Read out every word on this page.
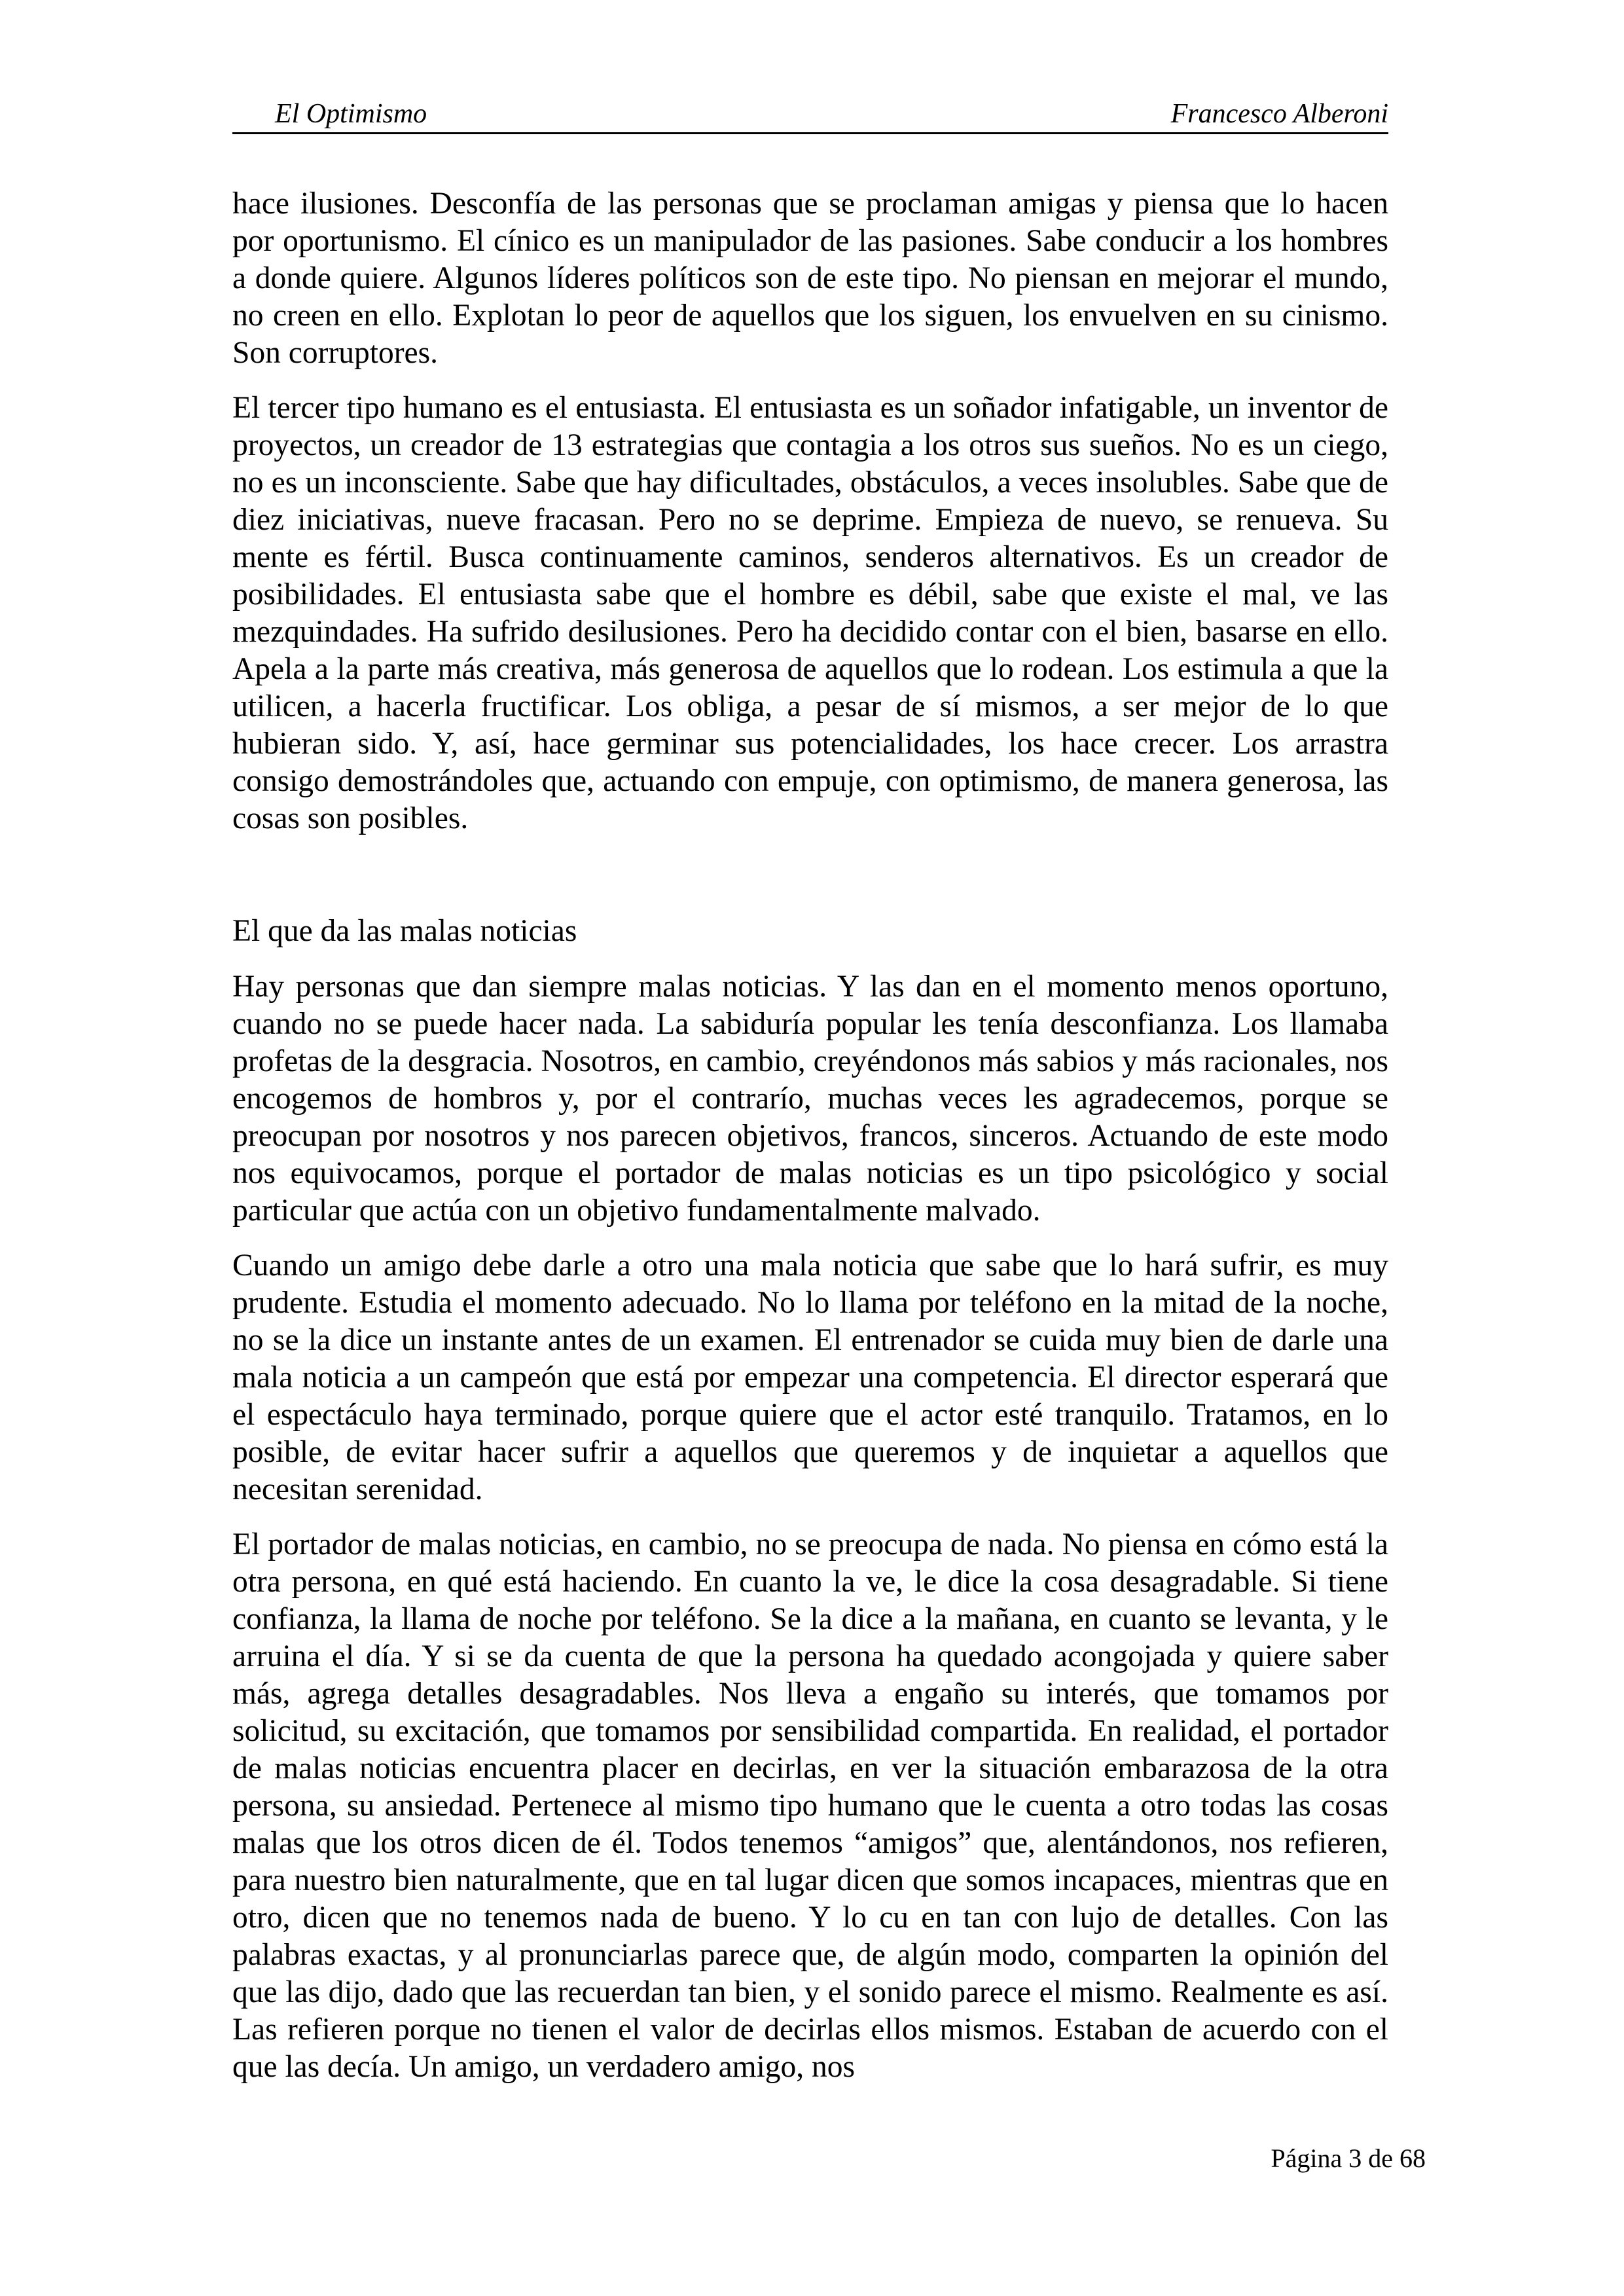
El Optimismo	Francesco Alberoni

hace ilusiones. Desconfía de las personas que se proclaman amigas y piensa que lo hacen por oportunismo. El cínico es un manipulador de las pasiones. Sabe conducir a los hombres a donde quiere. Algunos líderes políticos son de este tipo. No piensan en mejorar el mundo, no creen en ello. Explotan lo peor de aquellos que los siguen, los envuelven en su cinismo. Son corruptores.

El tercer tipo humano es el entusiasta. El entusiasta es un soñador infatigable, un inventor de proyectos, un creador de 13 estrategias que contagia a los otros sus sueños. No es un ciego, no es un inconsciente. Sabe que hay dificultades, obstáculos, a veces insolubles. Sabe que de diez iniciativas, nueve fracasan. Pero no se deprime. Empieza de nuevo, se renueva. Su mente es fértil. Busca continuamente caminos, senderos alternativos. Es un creador de posibilidades. El entusiasta sabe que el hombre es débil, sabe que existe el mal, ve las mezquindades. Ha sufrido desilusiones. Pero ha decidido contar con el bien, basarse en ello. Apela a la parte más creativa, más generosa de aquellos que lo rodean. Los estimula a que la utilicen, a hacerla fructificar. Los obliga, a pesar de sí mismos, a ser mejor de lo que hubieran sido. Y, así, hace germinar sus potencialidades, los hace crecer. Los arrastra consigo demostrándoles que, actuando con empuje, con optimismo, de manera generosa, las cosas son posibles.

El que da las malas noticias

Hay personas que dan siempre malas noticias. Y las dan en el momento menos oportuno, cuando no se puede hacer nada. La sabiduría popular les tenía desconfianza. Los llamaba profetas de la desgracia. Nosotros, en cambio, creyéndonos más sabios y más racionales, nos encogemos de hombros y, por el contrarío, muchas veces les agradecemos, porque se preocupan por nosotros y nos parecen objetivos, francos, sinceros. Actuando de este modo nos equivocamos, porque el portador de malas noticias es un tipo psicológico y social particular que actúa con un objetivo fundamentalmente malvado.

Cuando un amigo debe darle a otro una mala noticia que sabe que lo hará sufrir, es muy prudente. Estudia el momento adecuado. No lo llama por teléfono en la mitad de la noche, no se la dice un instante antes de un examen. El entrenador se cuida muy bien de darle una mala noticia a un campeón que está por empezar una competencia. El director esperará que el espectáculo haya terminado, porque quiere que el actor esté tranquilo. Tratamos, en lo posible, de evitar hacer sufrir a aquellos que queremos y de inquietar a aquellos que necesitan serenidad.

El portador de malas noticias, en cambio, no se preocupa de nada. No piensa en cómo está la otra persona, en qué está haciendo. En cuanto la ve, le dice la cosa desagradable. Si tiene confianza, la llama de noche por teléfono. Se la dice a la mañana, en cuanto se levanta, y le arruina el día. Y si se da cuenta de que la persona ha quedado acongojada y quiere saber más, agrega detalles desagradables. Nos lleva a engaño su interés, que tomamos por solicitud, su excitación, que tomamos por sensibilidad compartida. En realidad, el portador de malas noticias encuentra placer en decirlas, en ver la situación embarazosa de la otra persona, su ansiedad. Pertenece al mismo tipo humano que le cuenta a otro todas las cosas malas que los otros dicen de él. Todos tenemos “amigos” que, alentándonos, nos refieren, para nuestro bien naturalmente, que en tal lugar dicen que somos incapaces, mientras que en otro, dicen que no tenemos nada de bueno. Y lo cu en tan con lujo de detalles. Con las palabras exactas, y al pronunciarlas parece que, de algún modo, comparten la opinión del que las dijo, dado que las recuerdan tan bien, y el sonido parece el mismo. Realmente es así. Las refieren porque no tienen el valor de decirlas ellos mismos. Estaban de acuerdo con el que las decía. Un amigo, un verdadero amigo, nos

Página 3 de 68
